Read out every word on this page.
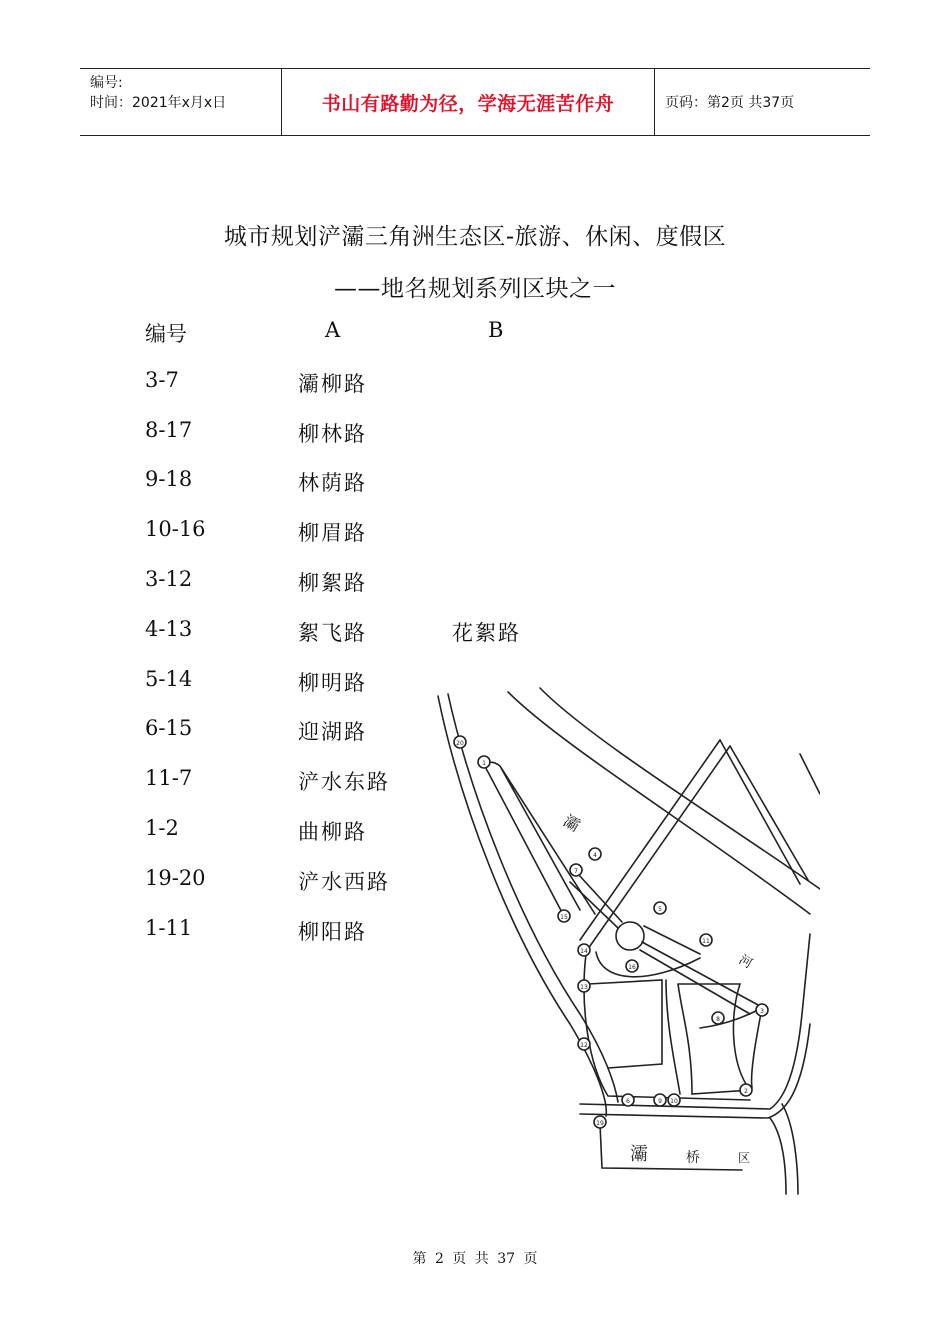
编号:
时间：2021年x月x日	书山有路勤为径，学海无涯苦作舟	页码：第2页 共37页
城市规划浐灞三角洲生态区-旅游、休闲、度假区
——地名规划系列区块之一
编号	A	B
3-7	灞柳路
8-17	柳林路
9-18	林荫路
10-16	柳眉路
3-12	柳絮路
4-13	絮飞路	花絮路
5-14	柳明路
6-15	迎湖路
11-7	浐水东路
1-2	曲柳路
19-20	浐水西路
1-11	柳阳路
20
1
4
7
5
15
14
11
16
13
12
3
8
2
9 10
19
6
灞
河
灞	桥	区
第 2 页 共 37 页
